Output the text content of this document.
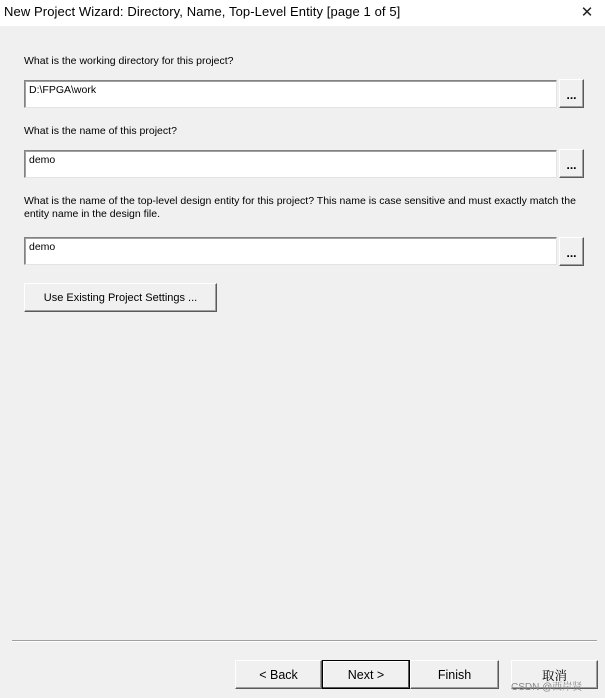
New Project Wizard: Directory, Name, Top-Level Entity [page 1 of 5]	✕
What is the working directory for this project?
D:\FPGA\work	...
What is the name of this project?
demo	...
What is the name of the top-level design entity for this project? This name is case sensitive and must exactly match the
entity name in the design file.
demo	...
Use Existing Project Settings ...
< Back	Next >	Finish	取消
CSDN @西岸贤
